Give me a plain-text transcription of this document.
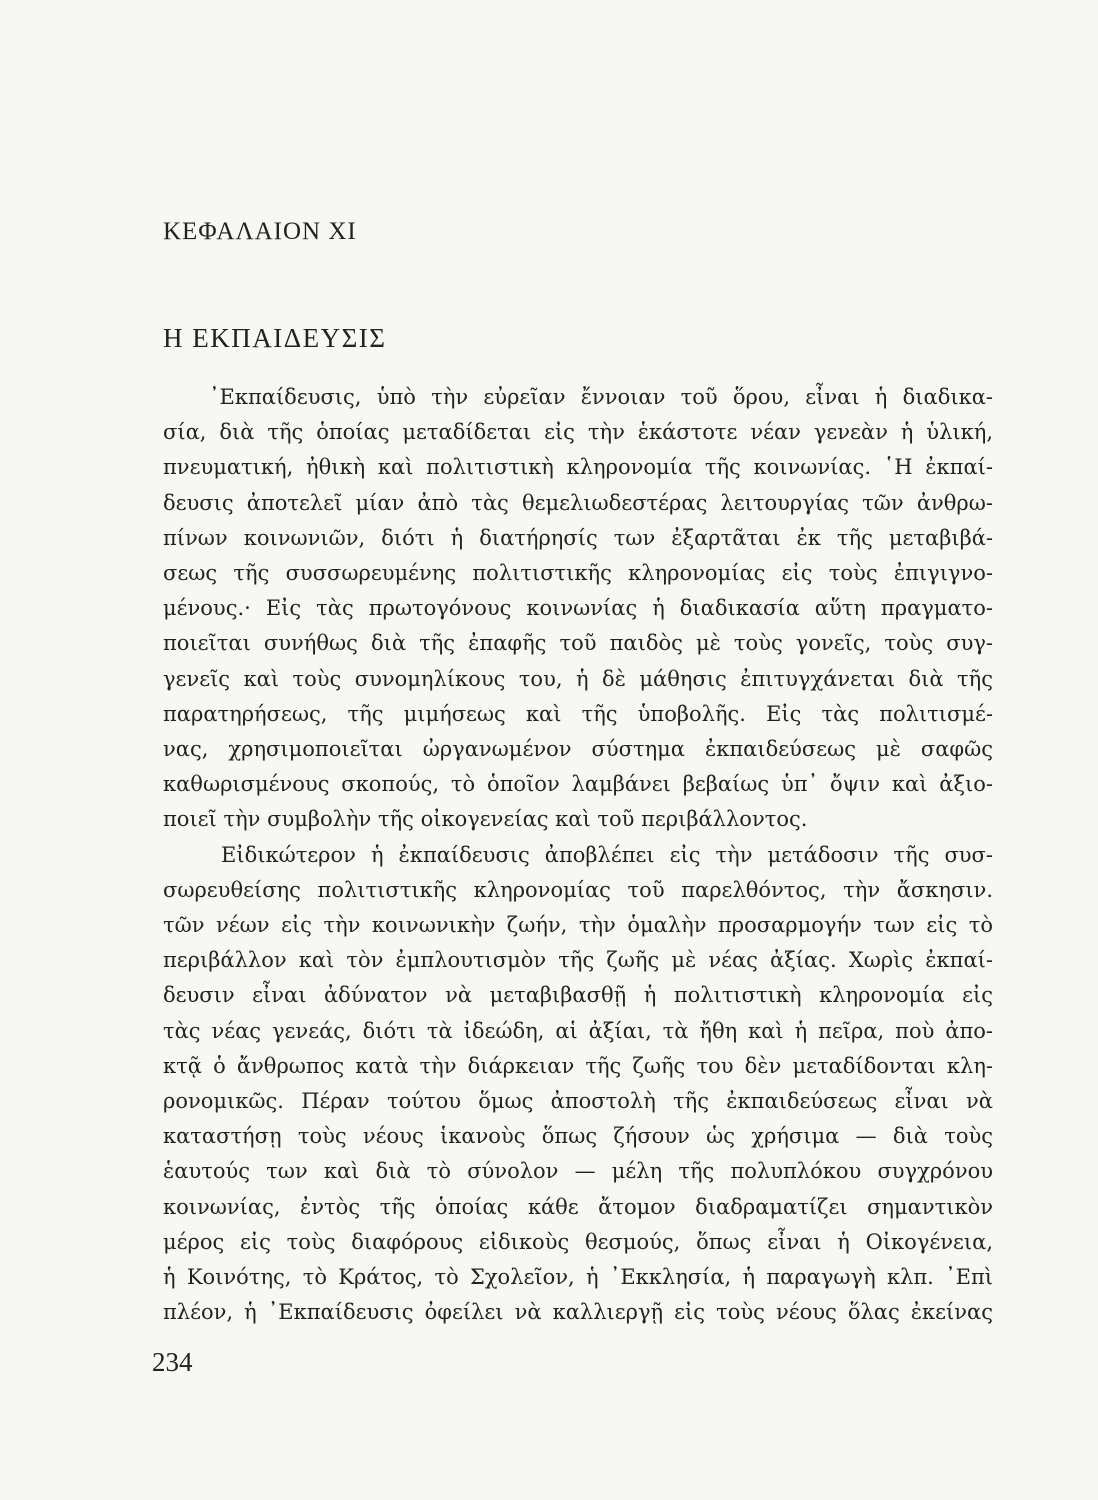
ΚΕΦΑΛΑΙΟΝ XI
Η ΕΚΠΑΙΔΕΥΣΙΣ
᾿Εκπαίδευσις, ὑπὸ τὴν εὐρεῖαν ἔννοιαν τοῦ ὅρου, εἶναι ἡ διαδικα-
σία, διὰ τῆς ὁποίας μεταδίδεται εἰς τὴν ἑκάστοτε νέαν γενεὰν ἡ ὑλική,
πνευματική, ἠθικὴ καὶ πολιτιστικὴ κληρονομία τῆς κοινωνίας. ῾Η ἐκπαί-
δευσις ἀποτελεῖ μίαν ἀπὸ τὰς θεμελιωδεστέρας λειτουργίας τῶν ἀνθρω-
πίνων κοινωνιῶν, διότι ἡ διατήρησίς των ἐξαρτᾶται ἐκ τῆς μεταβιβά-
σεως τῆς συσσωρευμένης πολιτιστικῆς κληρονομίας εἰς τοὺς ἐπιγιγνο-
μένους.· Εἰς τὰς πρωτογόνους κοινωνίας ἡ διαδικασία αὕτη πραγματο-
ποιεῖται συνήθως διὰ τῆς ἐπαφῆς τοῦ παιδὸς μὲ τοὺς γονεῖς, τοὺς συγ-
γενεῖς καὶ τοὺς συνομηλίκους του, ἡ δὲ μάθησις ἐπιτυγχάνεται διὰ τῆς
παρατηρήσεως, τῆς μιμήσεως καὶ τῆς ὑποβολῆς. Εἰς τὰς πολιτισμέ-
νας, χρησιμοποιεῖται ὠργανωμένον σύστημα ἐκπαιδεύσεως μὲ σαφῶς
καθωρισμένους σκοπούς, τὸ ὁποῖον λαμβάνει βεβαίως ὑπ᾿ ὄψιν καὶ ἀξιο-
ποιεῖ τὴν συμβολὴν τῆς οἰκογενείας καὶ τοῦ περιβάλλοντος.
Εἰδικώτερον ἡ ἐκπαίδευσις ἀποβλέπει εἰς τὴν μετάδοσιν τῆς συσ-
σωρευθείσης πολιτιστικῆς κληρονομίας τοῦ παρελθόντος, τὴν ἄσκησιν.
τῶν νέων εἰς τὴν κοινωνικὴν ζωήν, τὴν ὁμαλὴν προσαρμογήν των εἰς τὸ
περιβάλλον καὶ τὸν ἐμπλουτισμὸν τῆς ζωῆς μὲ νέας ἀξίας. Χωρὶς ἐκπαί-
δευσιν εἶναι ἀδύνατον νὰ μεταβιβασθῇ ἡ πολιτιστικὴ κληρονομία εἰς
τὰς νέας γενεάς, διότι τὰ ἰδεώδη, αἱ ἀξίαι, τὰ ἤθη καὶ ἡ πεῖρα, ποὺ ἀπο-
κτᾷ ὁ ἄνθρωπος κατὰ τὴν διάρκειαν τῆς ζωῆς του δὲν μεταδίδονται κλη-
ρονομικῶς. Πέραν τούτου ὅμως ἀποστολὴ τῆς ἐκπαιδεύσεως εἶναι νὰ
καταστήσῃ τοὺς νέους ἱκανοὺς ὅπως ζήσουν ὡς χρήσιμα — διὰ τοὺς
ἑαυτούς των καὶ διὰ τὸ σύνολον — μέλη τῆς πολυπλόκου συγχρόνου
κοινωνίας, ἐντὸς τῆς ὁποίας κάθε ἄτομον διαδραματίζει σημαντικὸν
μέρος εἰς τοὺς διαφόρους εἰδικοὺς θεσμούς, ὅπως εἶναι ἡ Οἰκογένεια,
ἡ Κοινότης, τὸ Κράτος, τὸ Σχολεῖον, ἡ ᾿Εκκλησία, ἡ παραγωγὴ κλπ. ᾿Επὶ
πλέον, ἡ ᾿Εκπαίδευσις ὀφείλει νὰ καλλιεργῇ εἰς τοὺς νέους ὅλας ἐκείνας
234
